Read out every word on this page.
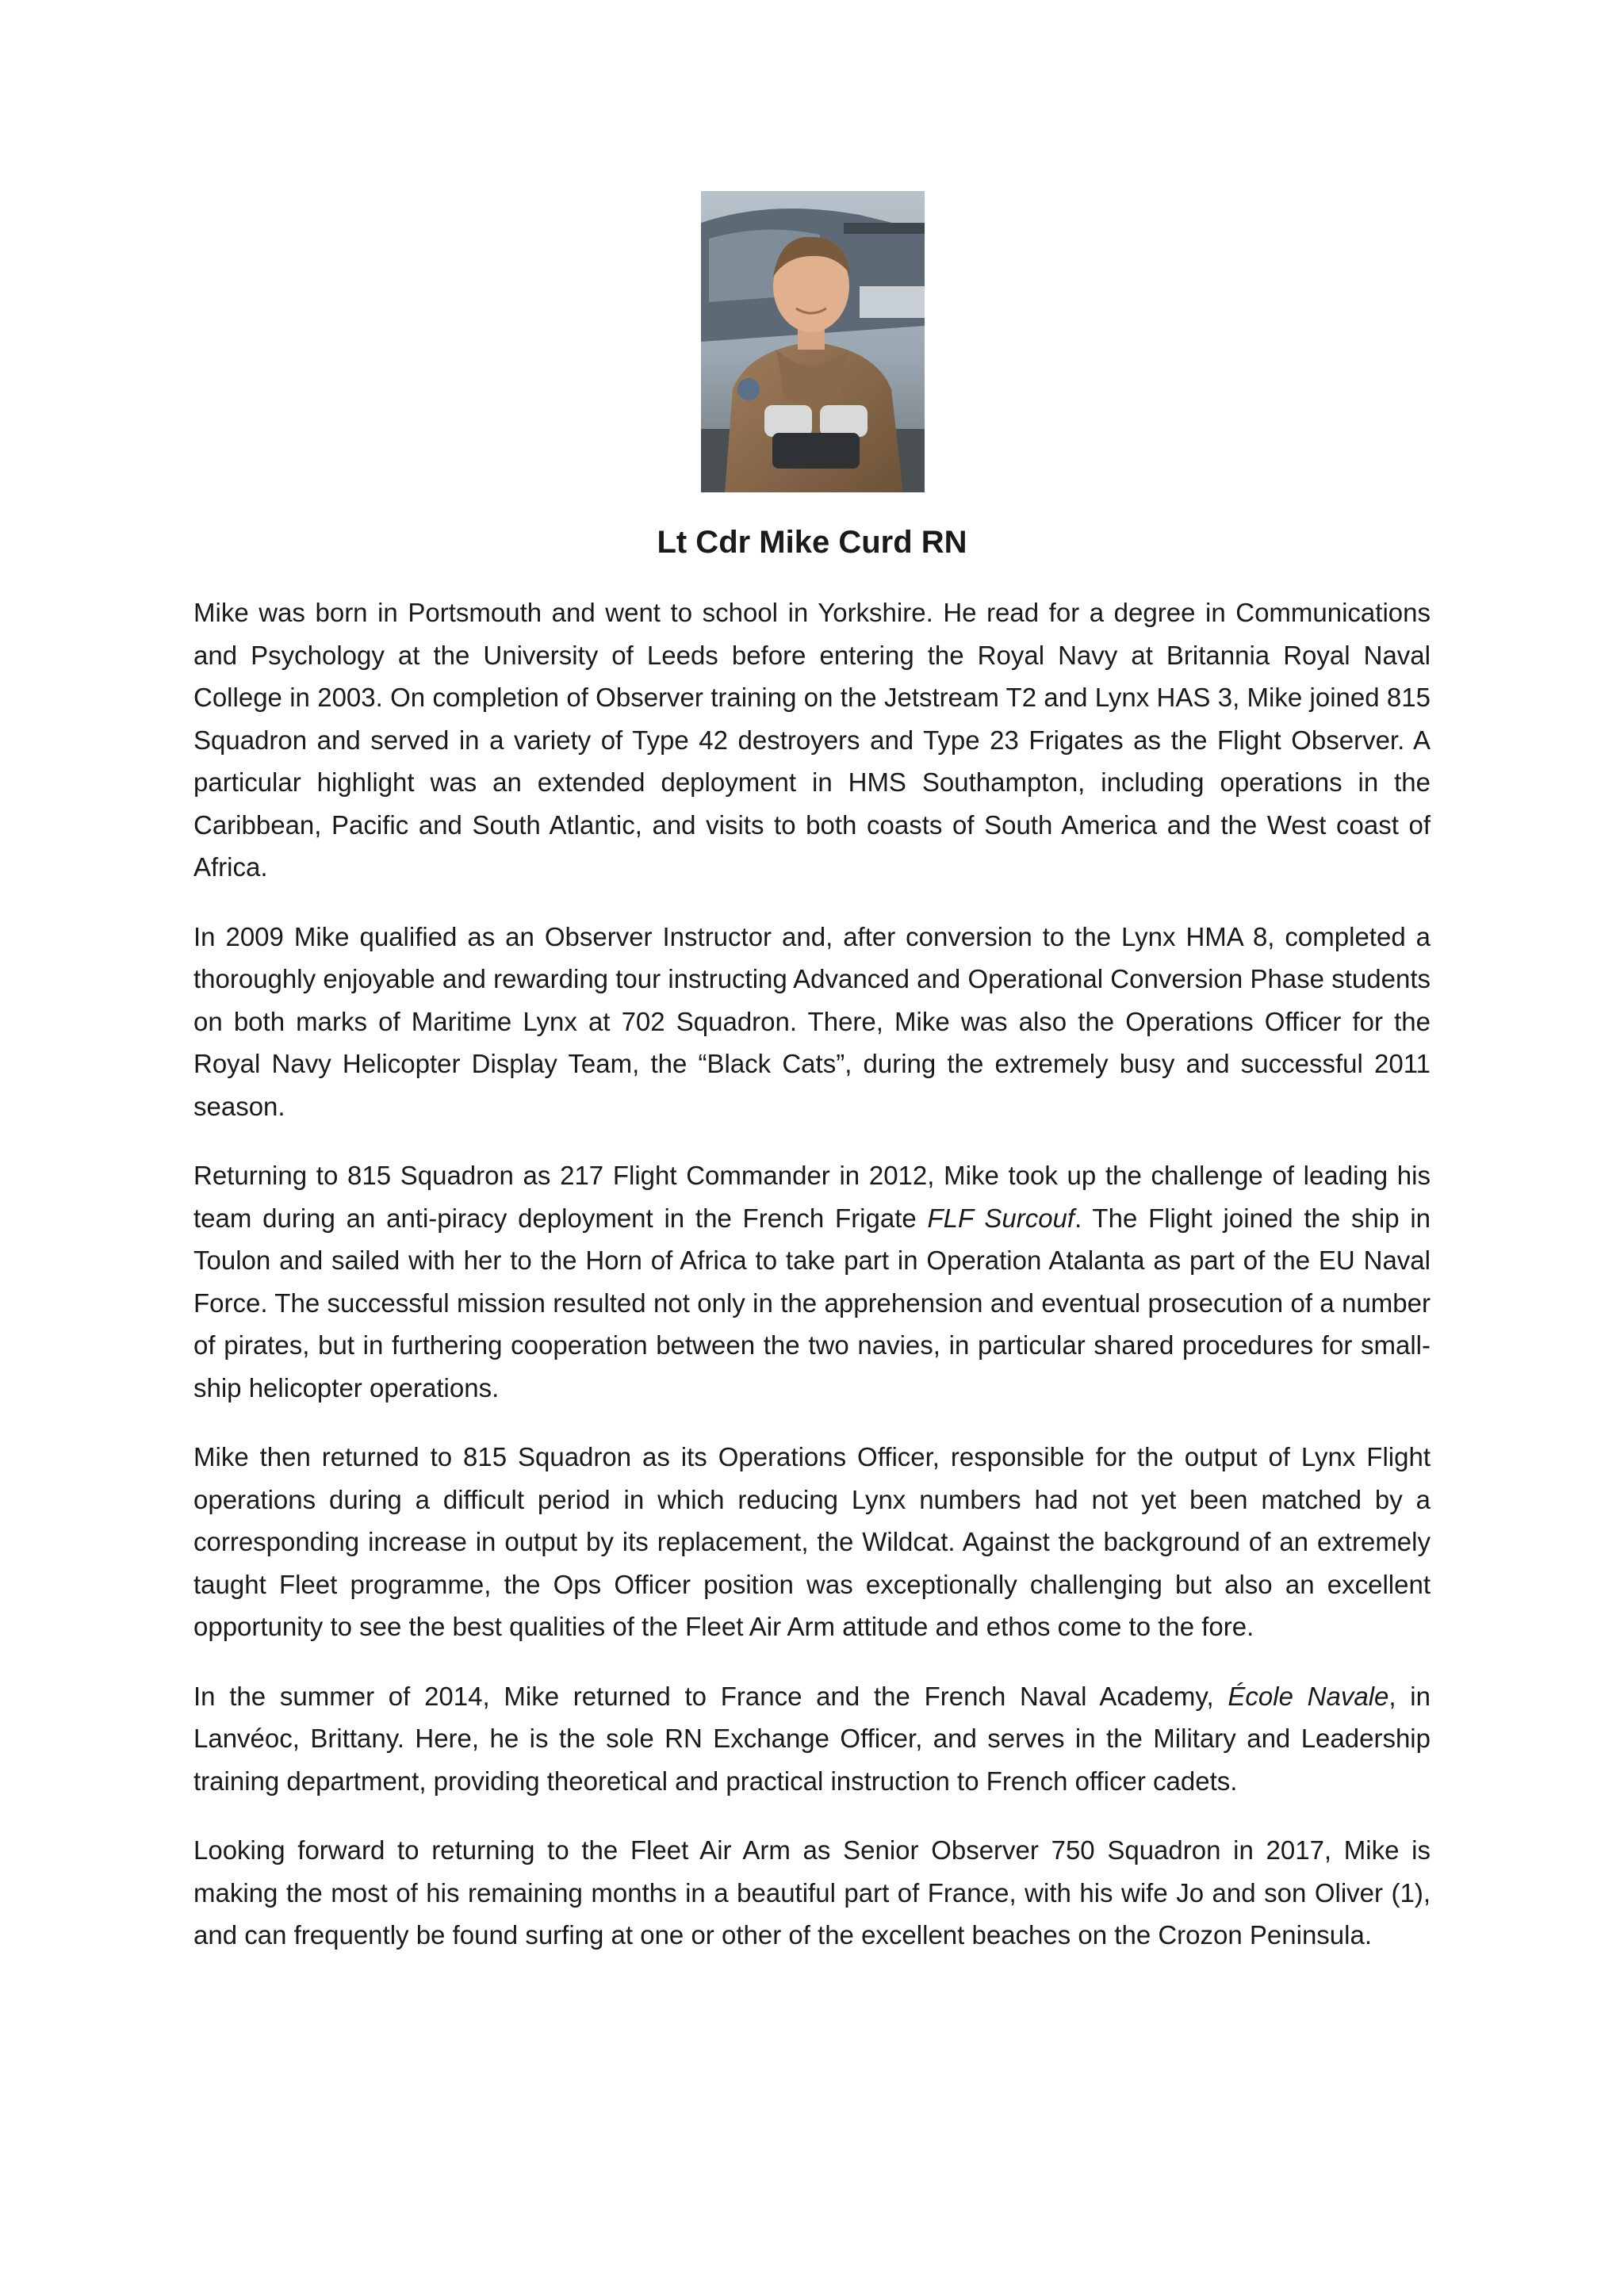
Lt Cdr Mike Curd RN

Mike was born in Portsmouth and went to school in Yorkshire. He read for a degree in Communications and Psychology at the University of Leeds before entering the Royal Navy at Britannia Royal Naval College in 2003. On completion of Observer training on the Jetstream T2 and Lynx HAS 3, Mike joined 815 Squadron and served in a variety of Type 42 destroyers and Type 23 Frigates as the Flight Observer. A particular highlight was an extended deployment in HMS Southampton, including operations in the Caribbean, Pacific and South Atlantic, and visits to both coasts of South America and the West coast of Africa.

In 2009 Mike qualified as an Observer Instructor and, after conversion to the Lynx HMA 8, completed a thoroughly enjoyable and rewarding tour instructing Advanced and Operational Conversion Phase students on both marks of Maritime Lynx at 702 Squadron. There, Mike was also the Operations Officer for the Royal Navy Helicopter Display Team, the “Black Cats”, during the extremely busy and successful 2011 season.

Returning to 815 Squadron as 217 Flight Commander in 2012, Mike took up the challenge of leading his team during an anti-piracy deployment in the French Frigate FLF Surcouf. The Flight joined the ship in Toulon and sailed with her to the Horn of Africa to take part in Operation Atalanta as part of the EU Naval Force. The successful mission resulted not only in the apprehension and eventual prosecution of a number of pirates, but in furthering cooperation between the two navies, in particular shared procedures for small-ship helicopter operations.

Mike then returned to 815 Squadron as its Operations Officer, responsible for the output of Lynx Flight operations during a difficult period in which reducing Lynx numbers had not yet been matched by a corresponding increase in output by its replacement, the Wildcat. Against the background of an extremely taught Fleet programme, the Ops Officer position was exceptionally challenging but also an excellent opportunity to see the best qualities of the Fleet Air Arm attitude and ethos come to the fore.

In the summer of 2014, Mike returned to France and the French Naval Academy, École Navale, in Lanvéoc, Brittany. Here, he is the sole RN Exchange Officer, and serves in the Military and Leadership training department, providing theoretical and practical instruction to French officer cadets.

Looking forward to returning to the Fleet Air Arm as Senior Observer 750 Squadron in 2017, Mike is making the most of his remaining months in a beautiful part of France, with his wife Jo and son Oliver (1), and can frequently be found surfing at one or other of the excellent beaches on the Crozon Peninsula.
